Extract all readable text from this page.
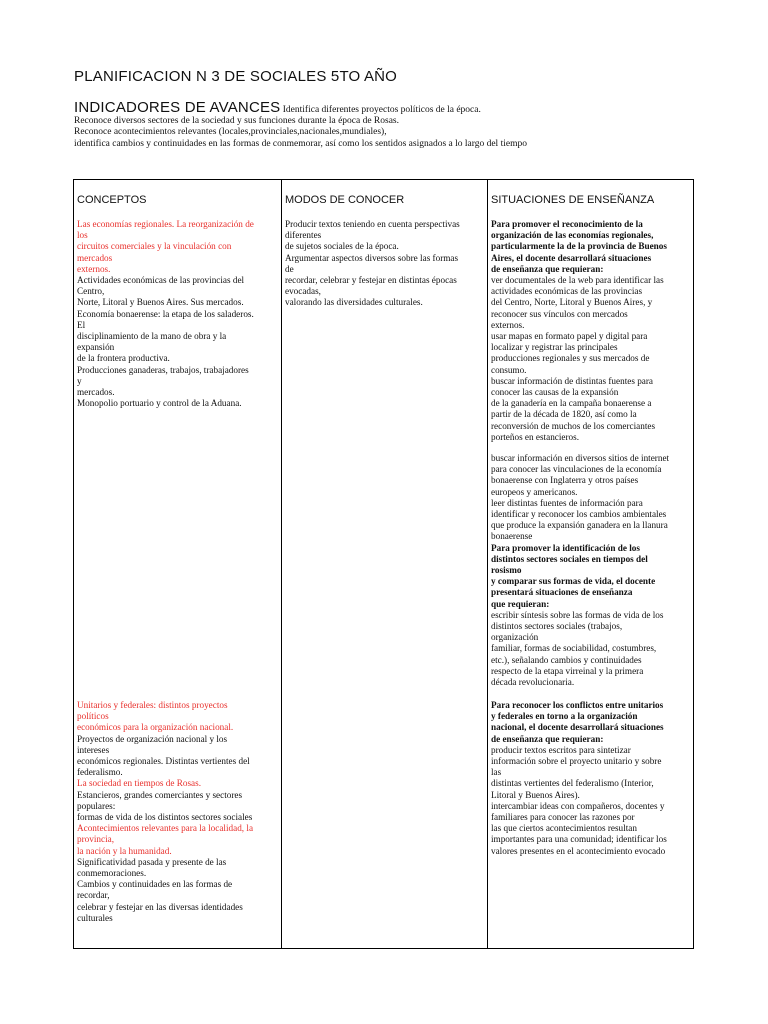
PLANIFICACION N 3 DE SOCIALES 5TO AÑO
INDICADORES DE AVANCES Identifica diferentes proyectos políticos de la época.
Reconoce diversos sectores de la sociedad y sus funciones durante la época de Rosas.
Reconoce acontecimientos relevantes (locales,provinciales,nacionales,mundiales),
identifica cambios y continuidades en las formas de conmemorar, así como los sentidos asignados a lo largo del tiempo
CONCEPTOS
Las economías regionales. La reorganización de
los
circuitos comerciales y la vinculación con
mercados
externos.
Actividades económicas de las provincias del
Centro,
Norte, Litoral y Buenos Aires. Sus mercados.
Economía bonaerense: la etapa de los saladeros.
El
disciplinamiento de la mano de obra y la
expansión
de la frontera productiva.
Producciones ganaderas, trabajos, trabajadores
y
mercados.
Monopolio portuario y control de la Aduana.
Unitarios y federales: distintos proyectos
políticos
económicos para la organización nacional.
Proyectos de organización nacional y los
intereses
económicos regionales. Distintas vertientes del
federalismo.
La sociedad en tiempos de Rosas.
Estancieros, grandes comerciantes y sectores
populares:
formas de vida de los distintos sectores sociales
Acontecimientos relevantes para la localidad, la
provincia,
la nación y la humanidad.
Significatividad pasada y presente de las
conmemoraciones.
Cambios y continuidades en las formas de
recordar,
celebrar y festejar en las diversas identidades
culturales
MODOS DE CONOCER
Producir textos teniendo en cuenta perspectivas
diferentes
de sujetos sociales de la época.
Argumentar aspectos diversos sobre las formas
de
recordar, celebrar y festejar en distintas épocas
evocadas,
valorando las diversidades culturales.
SITUACIONES DE ENSEÑANZA
Para promover el reconocimiento de la
organización de las economías regionales,
particularmente la de la provincia de Buenos
Aires, el docente desarrollará situaciones
de enseñanza que requieran:
ver documentales de la web para identificar las
actividades económicas de las provincias
del Centro, Norte, Litoral y Buenos Aires, y
reconocer sus vínculos con mercados
externos.
usar mapas en formato papel y digital para
localizar y registrar las principales
producciones regionales y sus mercados de
consumo.
buscar información de distintas fuentes para
conocer las causas de la expansión
de la ganadería en la campaña bonaerense a
partir de la década de 1820, así como la
reconversión de muchos de los comerciantes
porteños en estancieros.
buscar información en diversos sitios de internet
para conocer las vinculaciones de la economía
bonaerense con Inglaterra y otros países
europeos y americanos.
leer distintas fuentes de información para
identificar y reconocer los cambios ambientales
que produce la expansión ganadera en la llanura
bonaerense
Para promover la identificación de los
distintos sectores sociales en tiempos del
rosismo
y comparar sus formas de vida, el docente
presentará situaciones de enseñanza
que requieran:
escribir síntesis sobre las formas de vida de los
distintos sectores sociales (trabajos,
organización
familiar, formas de sociabilidad, costumbres,
etc.), señalando cambios y continuidades
respecto de la etapa virreinal y la primera
década revolucionaria.
Para reconocer los conflictos entre unitarios
y federales en torno a la organización
nacional, el docente desarrollará situaciones
de enseñanza que requieran:
producir textos escritos para sintetizar
información sobre el proyecto unitario y sobre
las
distintas vertientes del federalismo (Interior,
Litoral y Buenos Aires).
intercambiar ideas con compañeros, docentes y
familiares para conocer las razones por
las que ciertos acontecimientos resultan
importantes para una comunidad; identificar los
valores presentes en el acontecimiento evocado
